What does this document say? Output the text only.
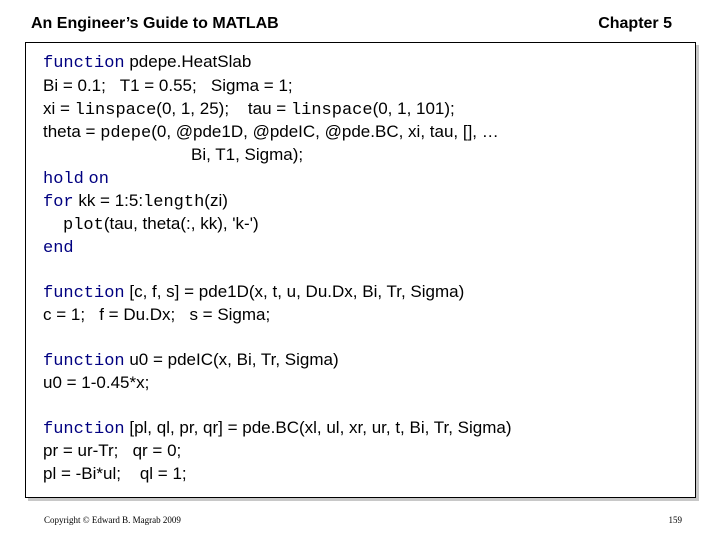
An Engineer’s Guide to MATLAB	Chapter 5
function pdepe.HeatSlab
Bi = 0.1;   T1 = 0.55;   Sigma = 1;
xi = linspace(0, 1, 25);    tau = linspace(0, 1, 101);
theta = pdepe(0, @pde1D, @pdeIC, @pde.BC, xi, tau, [], …
Bi, T1, Sigma);
hold on
for kk = 1:5:length(zi)
plot(tau, theta(:, kk), 'k-')
end
function [c, f, s] = pde1D(x, t, u, Du.Dx, Bi, Tr, Sigma)
c = 1;   f = Du.Dx;   s = Sigma;
function u0 = pdeIC(x, Bi, Tr, Sigma)
u0 = 1-0.45*x;
function [pl, ql, pr, qr] = pde.BC(xl, ul, xr, ur, t, Bi, Tr, Sigma)
pr = ur-Tr;   qr = 0;
pl = -Bi*ul;    ql = 1;
Copyright © Edward B. Magrab 2009	159
